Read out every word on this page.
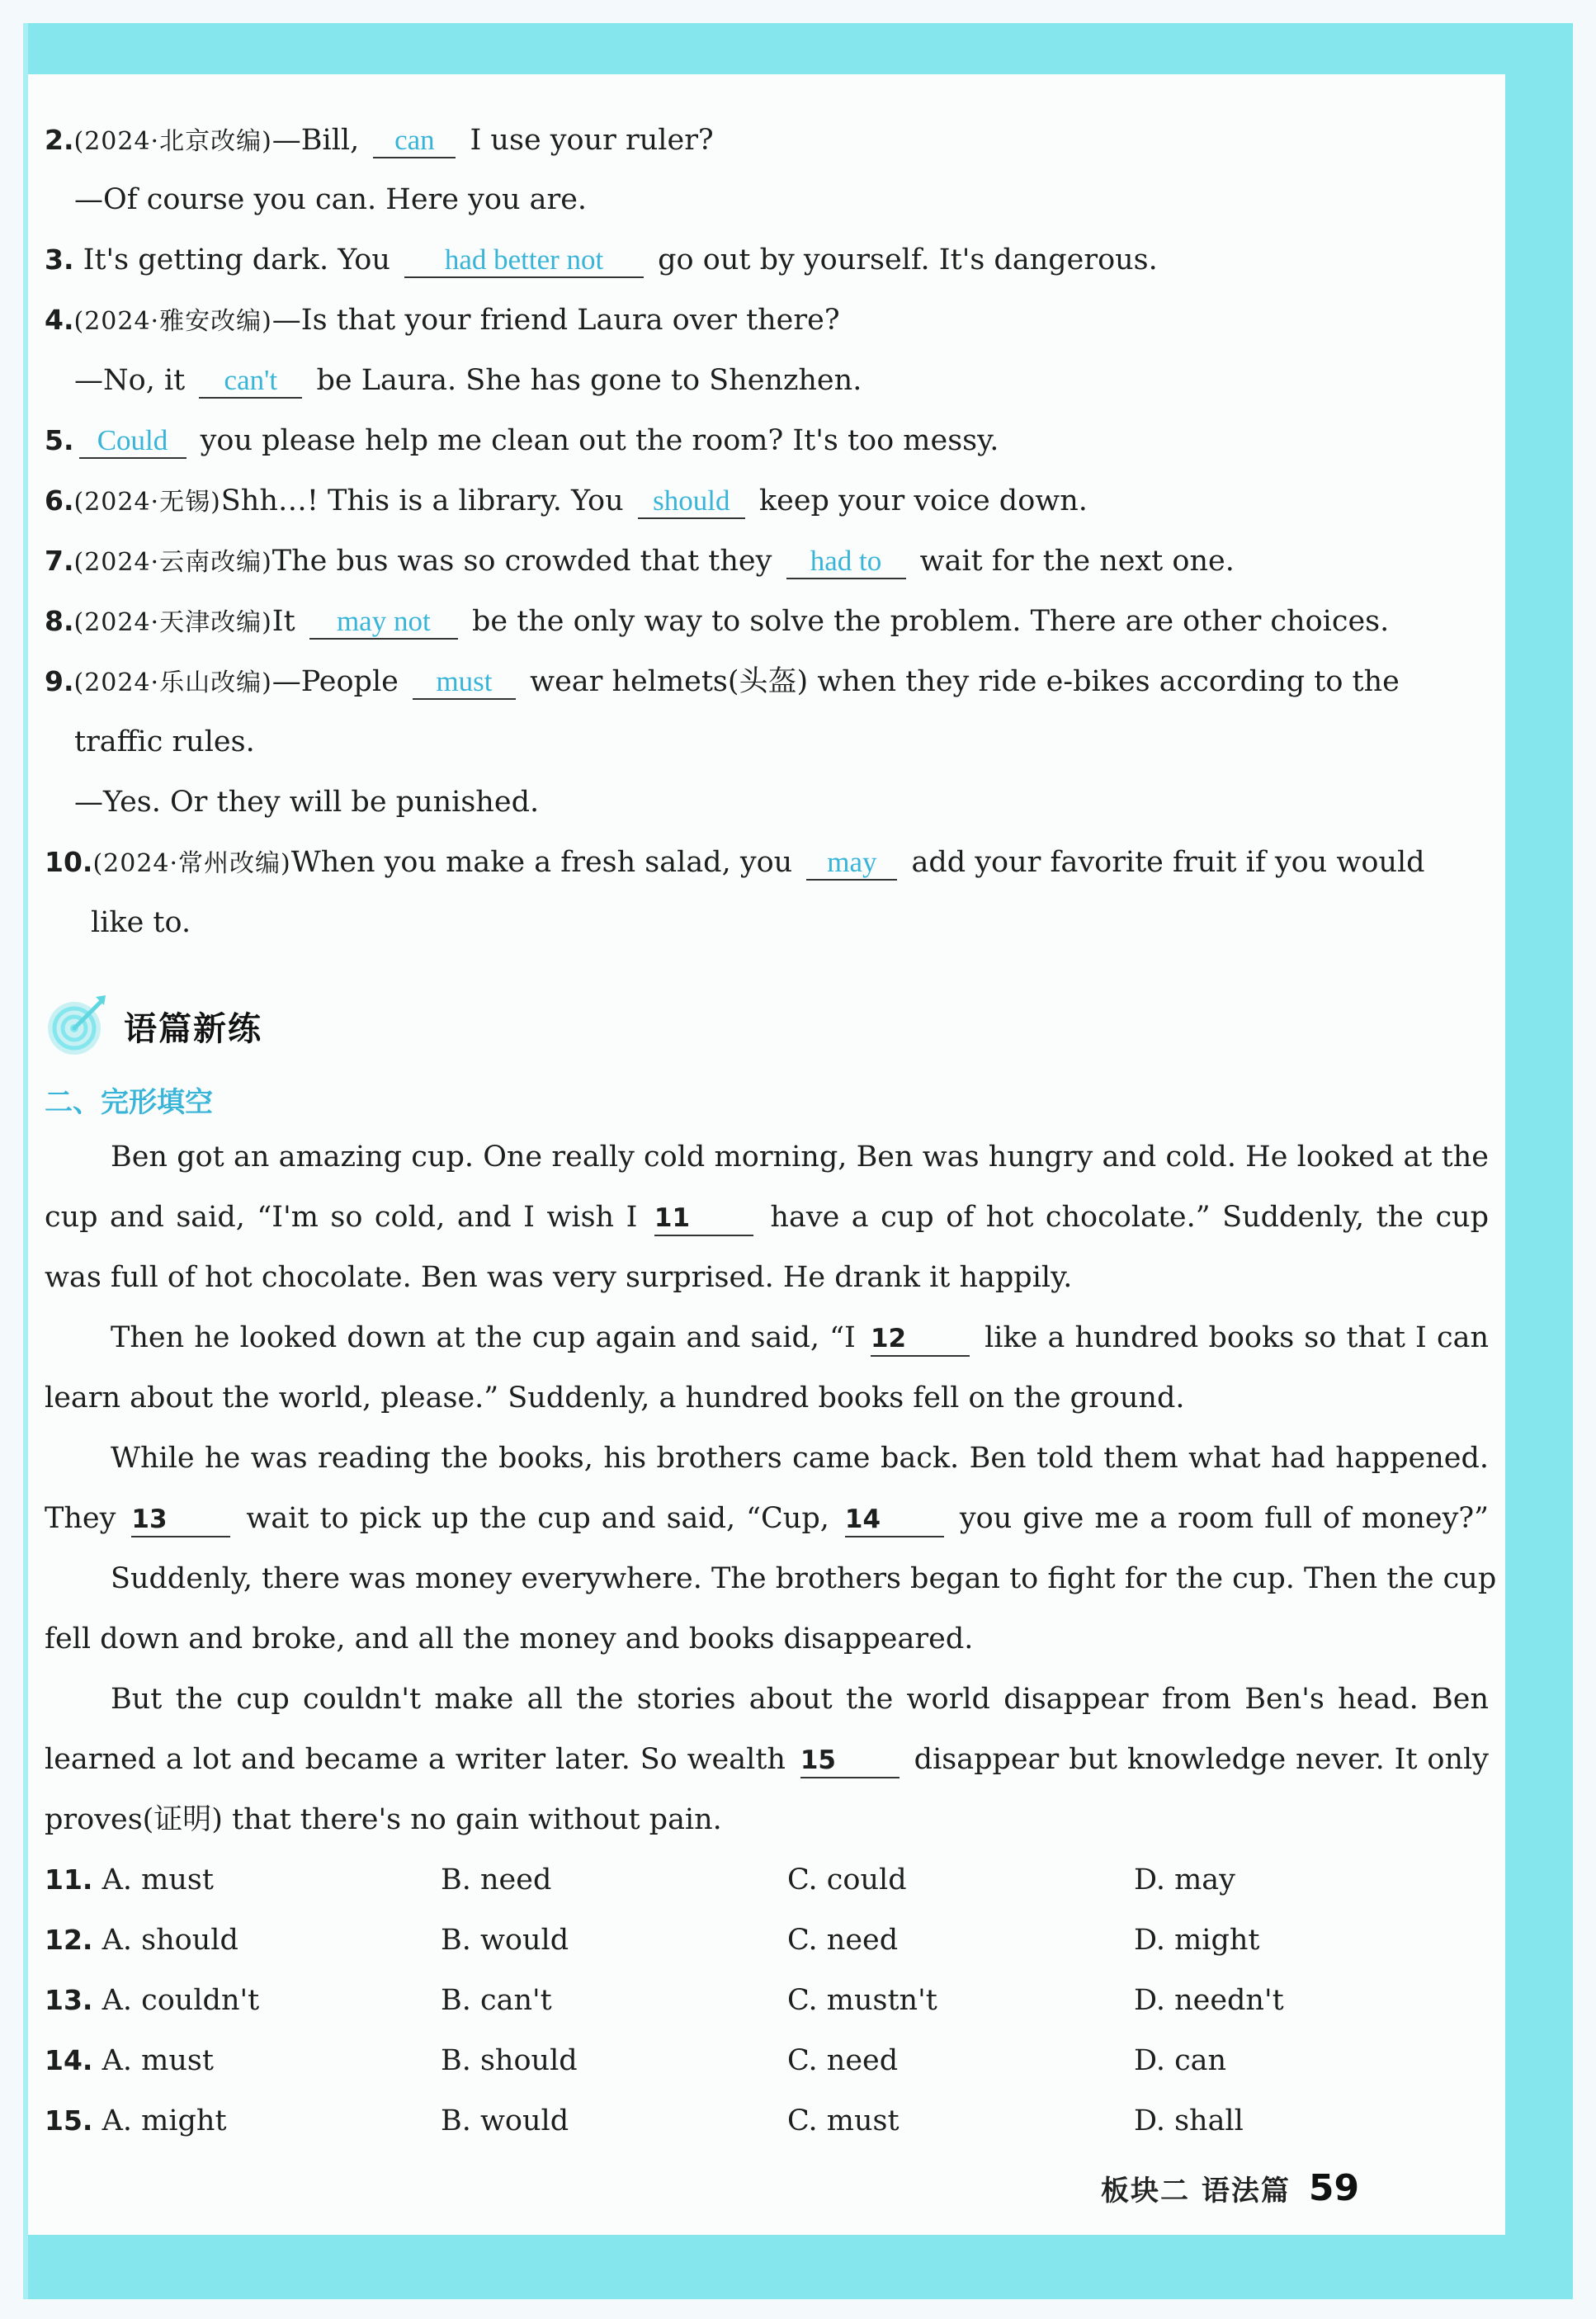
2.(2024·北京改编)—Bill, can I use your ruler?
—Of course you can. Here you are.
3. It's getting dark. You had better not go out by yourself. It's dangerous.
4.(2024·雅安改编)—Is that your friend Laura over there?
—No, it can't be Laura. She has gone to Shenzhen.
5. Could you please help me clean out the room? It's too messy.
6.(2024·无锡)Shh…! This is a library. You should keep your voice down.
7.(2024·云南改编)The bus was so crowded that they had to wait for the next one.
8.(2024·天津改编)It may not be the only way to solve the problem. There are other choices.
9.(2024·乐山改编)—People must wear helmets(头盔) when they ride e-bikes according to the
traffic rules.
—Yes. Or they will be punished.
10.(2024·常州改编)When you make a fresh salad, you may add your favorite fruit if you would
like to.
语篇新练
二、完形填空
Ben got an amazing cup. One really cold morning, Ben was hungry and cold. He looked at the
cup and said, “I'm so cold, and I wish I 11 have a cup of hot chocolate.” Suddenly, the cup
was full of hot chocolate. Ben was very surprised. He drank it happily.
Then he looked down at the cup again and said, “I 12 like a hundred books so that I can
learn about the world, please.” Suddenly, a hundred books fell on the ground.
While he was reading the books, his brothers came back. Ben told them what had happened.
They 13 wait to pick up the cup and said, “Cup, 14 you give me a room full of money?”
Suddenly, there was money everywhere. The brothers began to fight for the cup. Then the cup
fell down and broke, and all the money and books disappeared.
But the cup couldn't make all the stories about the world disappear from Ben's head. Ben
learned a lot and became a writer later. So wealth 15 disappear but knowledge never. It only
proves(证明) that there's no gain without pain.
11. A. must	B. need	C. could	D. may
12. A. should	B. would	C. need	D. might
13. A. couldn't	B. can't	C. mustn't	D. needn't
14. A. must	B. should	C. need	D. can
15. A. might	B. would	C. must	D. shall
板块二 语法篇 59
